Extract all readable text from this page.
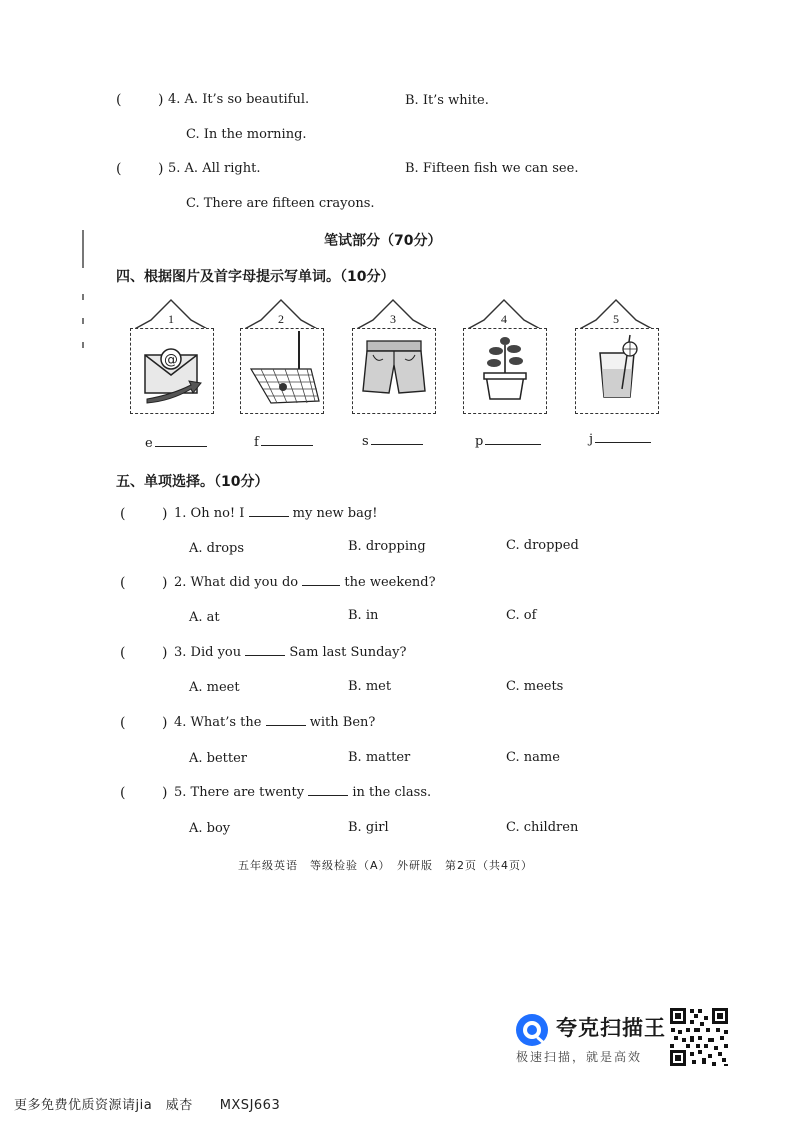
(	) 4. A. It’s so beautiful.	B. It’s white.
C. In the morning.
(	) 5. A. All right.	B. Fifteen fish we can see.
C. There are fifteen crayons.
笔试部分（70分）
四、根据图片及首字母提示写单词。（10分）
1
@
2	3	4	5
e	f	s	p	j
五、单项选择。（10分）
(	) 1. Oh no! I	my new bag!
A. drops	B. dropping	C. dropped
(	) 2. What did you do	the weekend?
A. at	B. in	C. of
(	) 3. Did you	Sam last Sunday?
A. meet	B. met	C. meets
(	) 4. What’s the	with Ben?
A. better	B. matter	C. name
(	) 5. There are twenty	in the class.
A. boy	B. girl	C. children
五年级英语　等级检验（A）　外研版　第2页（共4页）
夸克扫描王
极速扫描，就是高效
更多免费优质资源请jia　威杏　　MXSJ663
